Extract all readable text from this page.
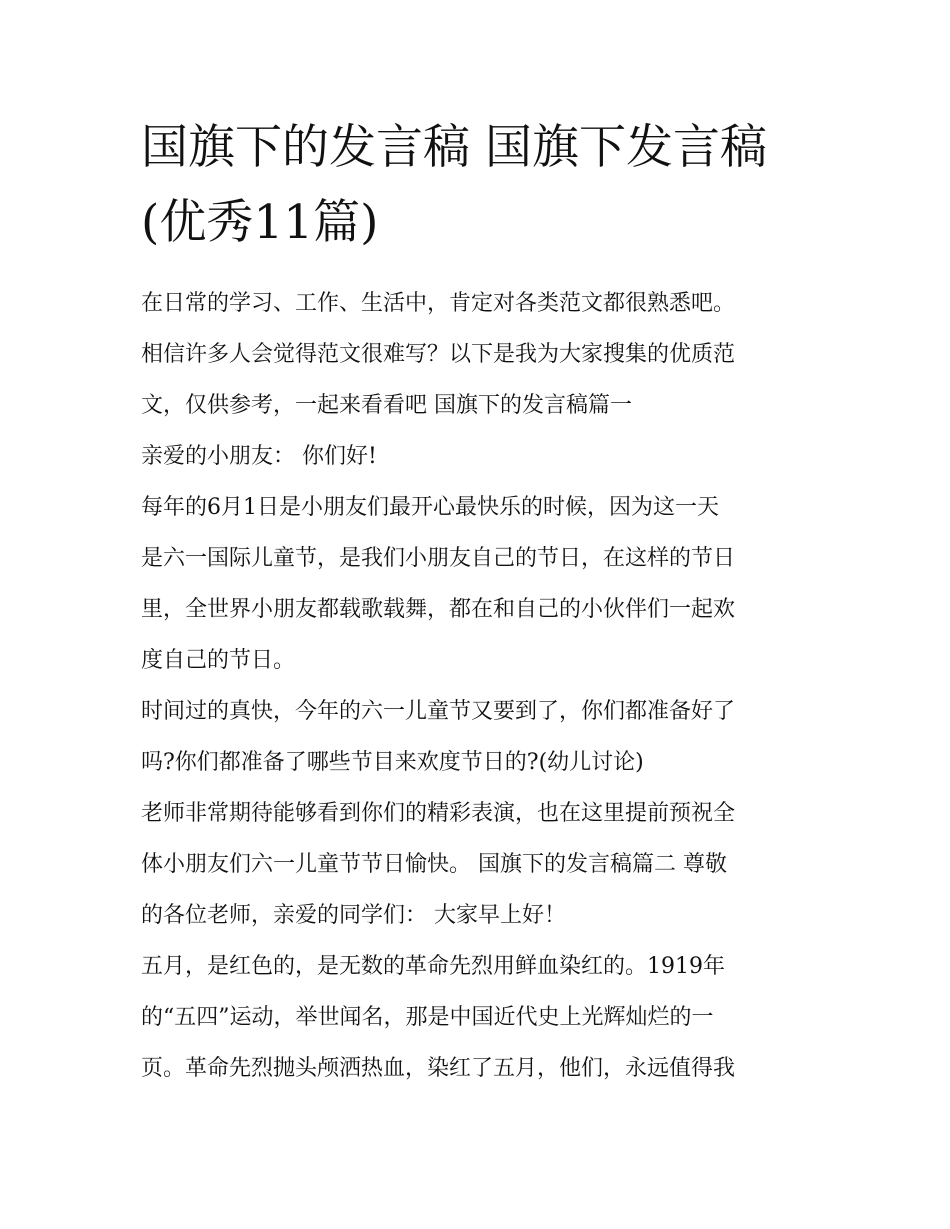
国旗下的发言稿 国旗下发言稿
(优秀11篇)
在日常的学习、工作、生活中，肯定对各类范文都很熟悉吧。
相信许多人会觉得范文很难写？以下是我为大家搜集的优质范
文，仅供参考，一起来看看吧 国旗下的发言稿篇一
亲爱的小朋友： 你们好!
每年的6月1日是小朋友们最开心最快乐的时候，因为这一天
是六一国际儿童节，是我们小朋友自己的节日，在这样的节日
里，全世界小朋友都载歌载舞，都在和自己的小伙伴们一起欢
度自己的节日。
时间过的真快，今年的六一儿童节又要到了，你们都准备好了
吗?你们都准备了哪些节目来欢度节日的?(幼儿讨论)
老师非常期待能够看到你们的精彩表演，也在这里提前预祝全
体小朋友们六一儿童节节日愉快。 国旗下的发言稿篇二 尊敬
的各位老师，亲爱的同学们： 大家早上好！
五月，是红色的，是无数的革命先烈用鲜血染红的。1919年
的“五四”运动，举世闻名，那是中国近代史上光辉灿烂的一
页。革命先烈抛头颅洒热血，染红了五月，他们，永远值得我
